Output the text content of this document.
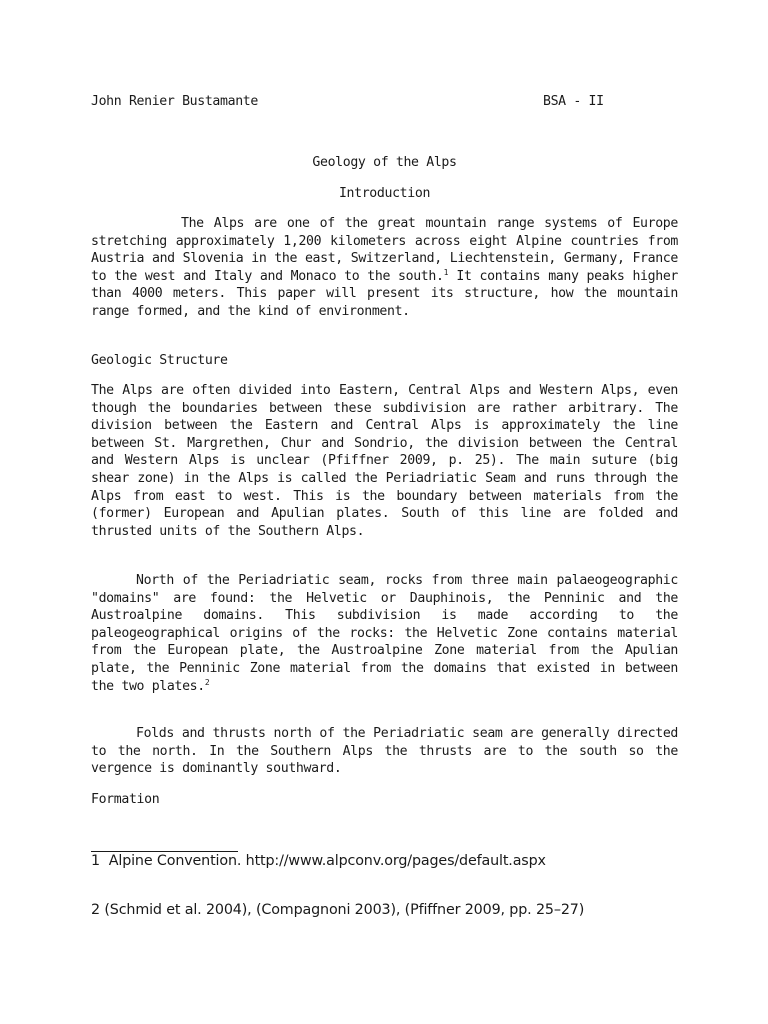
John Renier Bustamante	BSA - II
Geology of the Alps
Introduction
The Alps are one of the great mountain range systems of Europe stretching approximately 1,200 kilometers across eight Alpine countries from Austria and Slovenia in the east, Switzerland, Liechtenstein, Germany, France to the west and Italy and Monaco to the south.$^1$ It contains many peaks higher than 4000 meters. This paper will present its structure, how the mountain range formed, and the kind of environment.
Geologic Structure
The Alps are often divided into Eastern, Central Alps and Western Alps, even though the boundaries between these subdivision are rather arbitrary. The division between the Eastern and Central Alps is approximately the line between St. Margrethen, Chur and Sondrio, the division between the Central and Western Alps is unclear (Pfiffner 2009, p. 25). The main suture (big shear zone) in the Alps is called the Periadriatic Seam and runs through the Alps from east to west. This is the boundary between materials from the (former) European and Apulian plates. South of this line are folded and thrusted units of the Southern Alps.
North of the Periadriatic seam, rocks from three main palaeogeographic "domains" are found: the Helvetic or Dauphinois, the Penninic and the Austroalpine domains. This subdivision is made according to the paleogeographical origins of the rocks: the Helvetic Zone contains material from the European plate, the Austroalpine Zone material from the Apulian plate, the Penninic Zone material from the domains that existed in between the two plates.$^2$
Folds and thrusts north of the Periadriatic seam are generally directed to the north. In the Southern Alps the thrusts are to the south so the vergence is dominantly southward.
Formation
1  Alpine Convention. http://www.alpconv.org/pages/default.aspx
2 (Schmid et al. 2004), (Compagnoni 2003), (Pfiffner 2009, pp. 25–27)
